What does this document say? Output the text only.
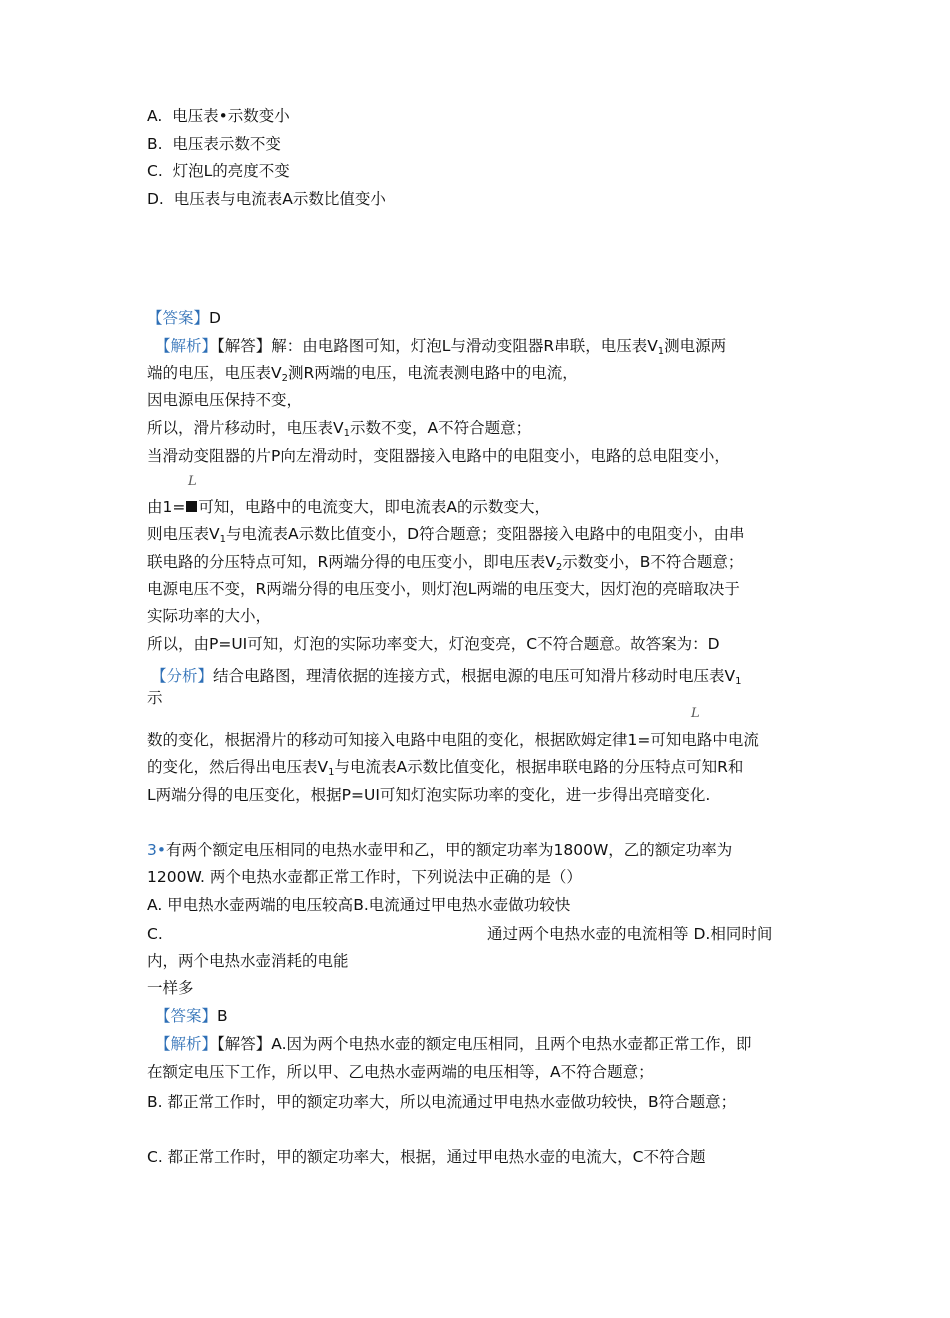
A. 电压表•示数变小
B. 电压表示数不变
C. 灯泡L的亮度不变
D. 电压表与电流表A示数比值变小
【答案】D
【解析】【解答】解：由电路图可知，灯泡L与滑动变阻器R串联，电压表$V_1$测电源两
端的电压，电压表$V_2$测R两端的电压，电流表测电路中的电流，
因电源电压保持不变，
所以，滑片移动时，电压表$V_1$示数不变，A不符合题意；
当滑动变阻器的片P向左滑动时，变阻器接入电路中的电阻变小，电路的总电阻变小，
L
由1= 可知，电路中的电流变大，即电流表A的示数变大，
则电压表$V_1$与电流表A示数比值变小，D符合题意；变阻器接入电路中的电阻变小，由串
联电路的分压特点可知，R两端分得的电压变小，即电压表$V_2$示数变小，B不符合题意；
电源电压不变，R两端分得的电压变小，则灯泡L两端的电压变大，因灯泡的亮暗取决于
实际功率的大小，
所以，由P=UI可知，灯泡的实际功率变大，灯泡变亮，C不符合题意。故答案为：D
【分析】结合电路图，理清依据的连接方式，根据电源的电压可知滑片移动时电压表$V_1$
示
L
数的变化，根据滑片的移动可知接入电路中电阻的变化，根据欧姆定律1=可知电路中电流
的变化，然后得出电压表$V_1$与电流表A示数比值变化，根据串联电路的分压特点可知R和
L两端分得的电压变化，根据P=UI可知灯泡实际功率的变化，进一步得出亮暗变化.
3•有两个额定电压相同的电热水壶甲和乙，甲的额定功率为1800W，乙的额定功率为
1200W. 两个电热水壶都正常工作时，下列说法中正确的是（）
A. 甲电热水壶两端的电压较高B.电流通过甲电热水壶做功较快
C.	通过两个电热水壶的电流相等 D.相同时间
内，两个电热水壶消耗的电能
一样多
【答案】B
【解析】【解答】A.因为两个电热水壶的额定电压相同，且两个电热水壶都正常工作，即
在额定电压下工作，所以甲、乙电热水壶两端的电压相等，A不符合题意；
B. 都正常工作时，甲的额定功率大，所以电流通过甲电热水壶做功较快，B符合题意；
C. 都正常工作时，甲的额定功率大，根据，通过甲电热水壶的电流大，C不符合题
